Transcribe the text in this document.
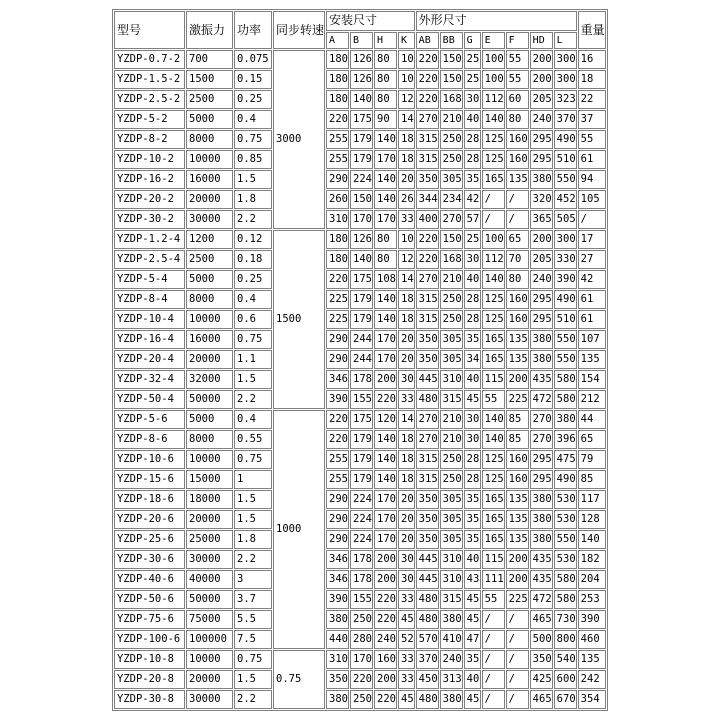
型号	激振力	功率	同步转速	安装尺寸				外形尺寸							重量
				A	B	H	K	AB	BB	G	E	F	HD	L	
YZDP-0.7-2	700	0.075	3000	180	126	80	10	220	150	25	100	55	200	300	16
YZDP-1.5-2	1500	0.15		180	126	80	10	220	150	25	100	55	200	300	18
YZDP-2.5-2	2500	0.25		180	140	80	12	220	168	30	112	60	205	323	22
YZDP-5-2	5000	0.4		220	175	90	14	270	210	40	140	80	240	370	37
YZDP-8-2	8000	0.75		255	179	140	18	315	250	28	125	160	295	490	55
YZDP-10-2	10000	0.85		255	179	170	18	315	250	28	125	160	295	510	61
YZDP-16-2	16000	1.5		290	224	140	20	350	305	35	165	135	380	550	94
YZDP-20-2	20000	1.8		260	150	140	26	344	234	42	/	/	320	452	105
YZDP-30-2	30000	2.2		310	170	170	33	400	270	57	/	/	365	505	/
YZDP-1.2-4	1200	0.12	1500	180	126	80	10	220	150	25	100	65	200	300	17
YZDP-2.5-4	2500	0.18		180	140	80	12	220	168	30	112	70	205	330	27
YZDP-5-4	5000	0.25		220	175	108	14	270	210	40	140	80	240	390	42
YZDP-8-4	8000	0.4		225	179	140	18	315	250	28	125	160	295	490	61
YZDP-10-4	10000	0.6		225	179	140	18	315	250	28	125	160	295	510	61
YZDP-16-4	16000	0.75		290	244	170	20	350	305	35	165	135	380	550	107
YZDP-20-4	20000	1.1		290	244	170	20	350	305	34	165	135	380	550	135
YZDP-32-4	32000	1.5		346	178	200	30	445	310	40	115	200	435	580	154
YZDP-50-4	50000	2.2		390	155	220	33	480	315	45	55	225	472	580	212
YZDP-5-6	5000	0.4	1000	220	175	120	14	270	210	30	140	85	270	380	44
YZDP-8-6	8000	0.55		220	179	140	18	270	210	30	140	85	270	396	65
YZDP-10-6	10000	0.75		255	179	140	18	315	250	28	125	160	295	475	79
YZDP-15-6	15000	1		255	179	140	18	315	250	28	125	160	295	490	85
YZDP-18-6	18000	1.5		290	224	170	20	350	305	35	165	135	380	530	117
YZDP-20-6	20000	1.5		290	224	170	20	350	305	35	165	135	380	530	128
YZDP-25-6	25000	1.8		290	224	170	20	350	305	35	165	135	380	550	140
YZDP-30-6	30000	2.2		346	178	200	30	445	310	40	115	200	435	530	182
YZDP-40-6	40000	3		346	178	200	30	445	310	43	111	200	435	580	204
YZDP-50-6	50000	3.7		390	155	220	33	480	315	45	55	225	472	580	253
YZDP-75-6	75000	5.5		380	250	220	45	480	380	45	/	/	465	730	390
YZDP-100-6	100000	7.5		440	280	240	52	570	410	47	/	/	500	800	460
YZDP-10-8	10000	0.75	0.75	310	170	160	33	370	240	35	/	/	350	540	135
YZDP-20-8	20000	1.5		350	220	200	33	450	313	40	/	/	425	600	242
YZDP-30-8	30000	2.2		380	250	220	45	480	380	45	/	/	465	670	354
